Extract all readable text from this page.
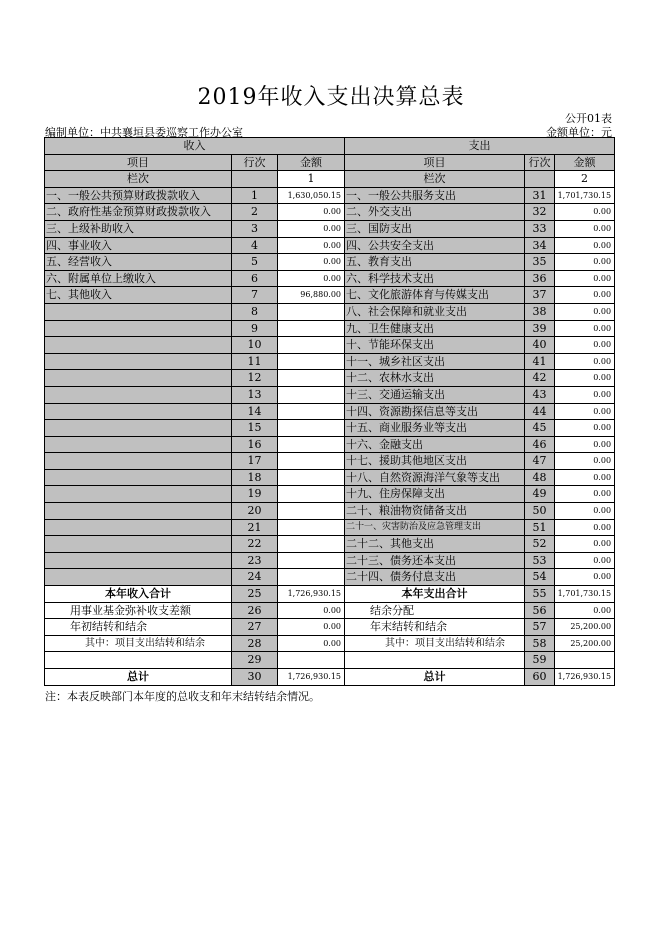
2019年收入支出决算总表
公开01表
编制单位：中共襄垣县委巡察工作办公室	金额单位：元
收入			支出		
项目	行次	金额	项目	行次	金额
栏次		1	栏次		2
一、一般公共预算财政拨款收入	1	1,630,050.15	一、一般公共服务支出	31	1,701,730.15
二、政府性基金预算财政拨款收入	2	0.00	二、外交支出	32	0.00
三、上级补助收入	3	0.00	三、国防支出	33	0.00
四、事业收入	4	0.00	四、公共安全支出	34	0.00
五、经营收入	5	0.00	五、教育支出	35	0.00
六、附属单位上缴收入	6	0.00	六、科学技术支出	36	0.00
七、其他收入	7	96,880.00	七、文化旅游体育与传媒支出	37	0.00
	8		八、社会保障和就业支出	38	0.00
	9		九、卫生健康支出	39	0.00
	10		十、节能环保支出	40	0.00
	11		十一、城乡社区支出	41	0.00
	12		十二、农林水支出	42	0.00
	13		十三、交通运输支出	43	0.00
	14		十四、资源勘探信息等支出	44	0.00
	15		十五、商业服务业等支出	45	0.00
	16		十六、金融支出	46	0.00
	17		十七、援助其他地区支出	47	0.00
	18		十八、自然资源海洋气象等支出	48	0.00
	19		十九、住房保障支出	49	0.00
	20		二十、粮油物资储备支出	50	0.00
	21		二十一、灾害防治及应急管理支出	51	0.00
	22		二十二、其他支出	52	0.00
	23		二十三、债务还本支出	53	0.00
	24		二十四、债务付息支出	54	0.00
本年收入合计	25	1,726,930.15	本年支出合计	55	1,701,730.15
用事业基金弥补收支差额	26	0.00	结余分配	56	0.00
年初结转和结余	27	0.00	年末结转和结余	57	25,200.00
其中：项目支出结转和结余	28	0.00	其中：项目支出结转和结余	58	25,200.00
	29			59	
总计	30	1,726,930.15	总计	60	1,726,930.15
注：本表反映部门本年度的总收支和年末结转结余情况。
